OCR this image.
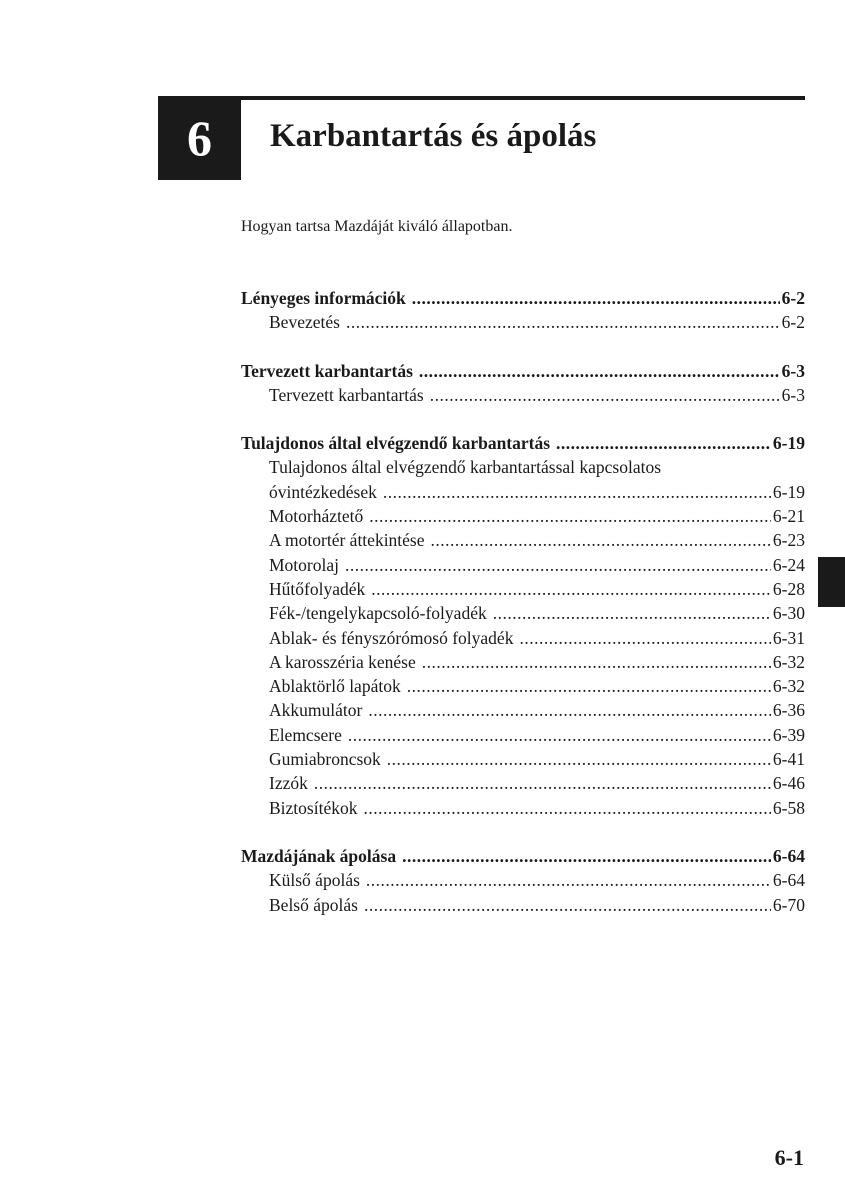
6 Karbantartás és ápolás
Hogyan tartsa Mazdáját kiváló állapotban.
Lényeges információk .....	6-2
Bevezetés .....	6-2
Tervezett karbantartás .....	6-3
Tervezett karbantartás .....	6-3
Tulajdonos által elvégzendő karbantartás .....	6-19
Tulajdonos által elvégzendő karbantartással kapcsolatos
óvintézkedések .....	6-19
Motorháztető .....	6-21
A motortér áttekintése .....	6-23
Motorolaj .....	6-24
Hűtőfolyadék .....	6-28
Fék-/tengelykapcsoló-folyadék .....	6-30
Ablak- és fényszórómosó folyadék .....	6-31
A karosszéria kenése .....	6-32
Ablaktörlő lapátok .....	6-32
Akkumulátor .....	6-36
Elemcsere .....	6-39
Gumiabroncsok .....	6-41
Izzók .....	6-46
Biztosítékok .....	6-58
Mazdájának ápolása .....	6-64
Külső ápolás .....	6-64
Belső ápolás .....	6-70
6-1
